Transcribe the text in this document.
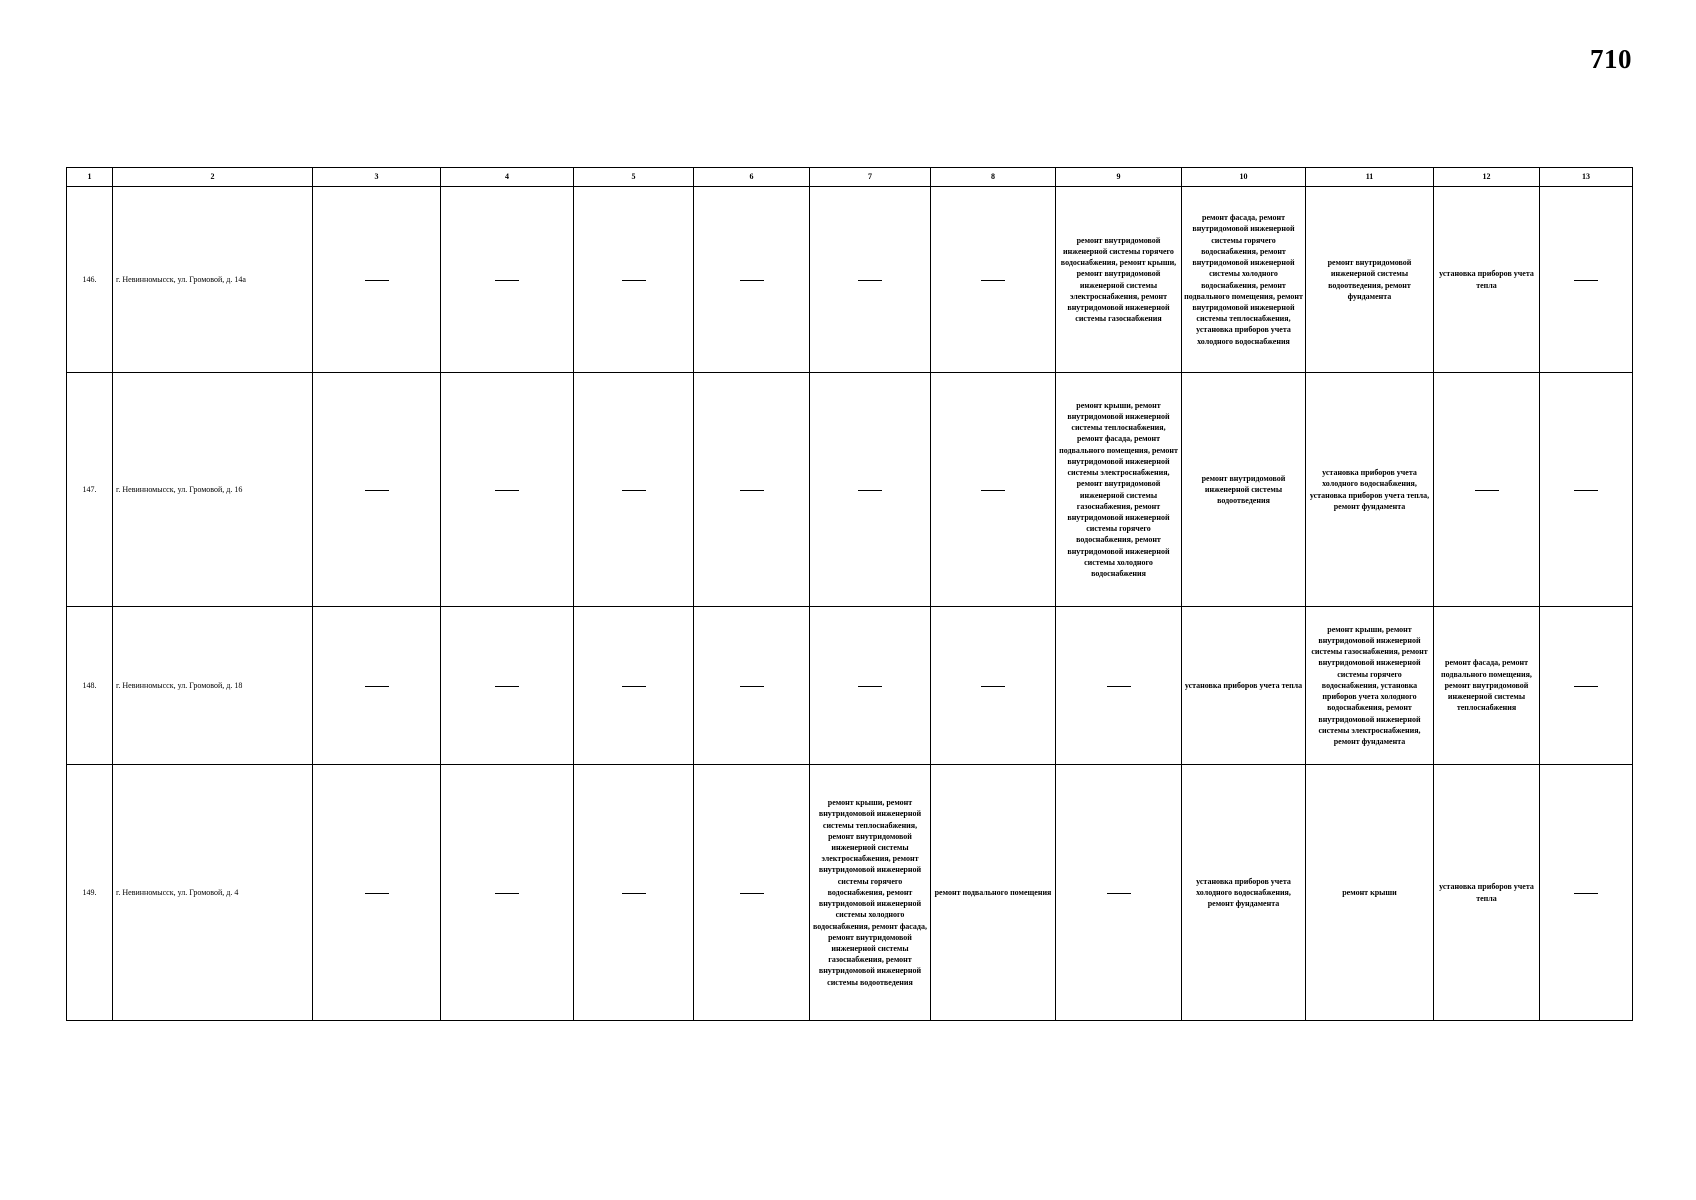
710
1	2	3	4	5	6	7	8	9	10	11	12	13
146.	г. Невинномысск, ул. Громовой, д. 14а							ремонт внутридомовой инженерной системы горячего водоснабжения, ремонт крыши, ремонт внутридомовой инженерной системы электроснабжения, ремонт внутридомовой инженерной системы газоснабжения	ремонт фасада, ремонт внутридомовой инженерной системы горячего водоснабжения, ремонт внутридомовой инженерной системы холодного водоснабжения, ремонт подвального помещения, ремонт внутридомовой инженерной системы теплоснабжения, установка приборов учета холодного водоснабжения	ремонт внутридомовой инженерной системы водоотведения, ремонт фундамента	установка приборов учета тепла	
147.	г. Невинномысск, ул. Громовой, д. 16							ремонт крыши, ремонт внутридомовой инженерной системы теплоснабжения, ремонт фасада, ремонт подвального помещения, ремонт внутридомовой инженерной системы электроснабжения, ремонт внутридомовой инженерной системы газоснабжения, ремонт внутридомовой инженерной системы горячего водоснабжения, ремонт внутридомовой инженерной системы холодного водоснабжения	ремонт внутридомовой инженерной системы водоотведения	установка приборов учета холодного водоснабжения, установка приборов учета тепла, ремонт фундамента		
148.	г. Невинномысск, ул. Громовой, д. 18								установка приборов учета тепла	ремонт крыши, ремонт внутридомовой инженерной системы газоснабжения, ремонт внутридомовой инженерной системы горячего водоснабжения, установка приборов учета холодного водоснабжения, ремонт внутридомовой инженерной системы электроснабжения, ремонт фундамента	ремонт фасада, ремонт подвального помещения, ремонт внутридомовой инженерной системы теплоснабжения	
149.	г. Невинномысск, ул. Громовой, д. 4					ремонт крыши, ремонт внутридомовой инженерной системы теплоснабжения, ремонт внутридомовой инженерной системы электроснабжения, ремонт внутридомовой инженерной системы горячего водоснабжения, ремонт внутридомовой инженерной системы холодного водоснабжения, ремонт фасада, ремонт внутридомовой инженерной системы газоснабжения, ремонт внутридомовой инженерной системы водоотведения	ремонт подвального помещения		установка приборов учета холодного водоснабжения, ремонт фундамента	ремонт крыши	установка приборов учета тепла	
